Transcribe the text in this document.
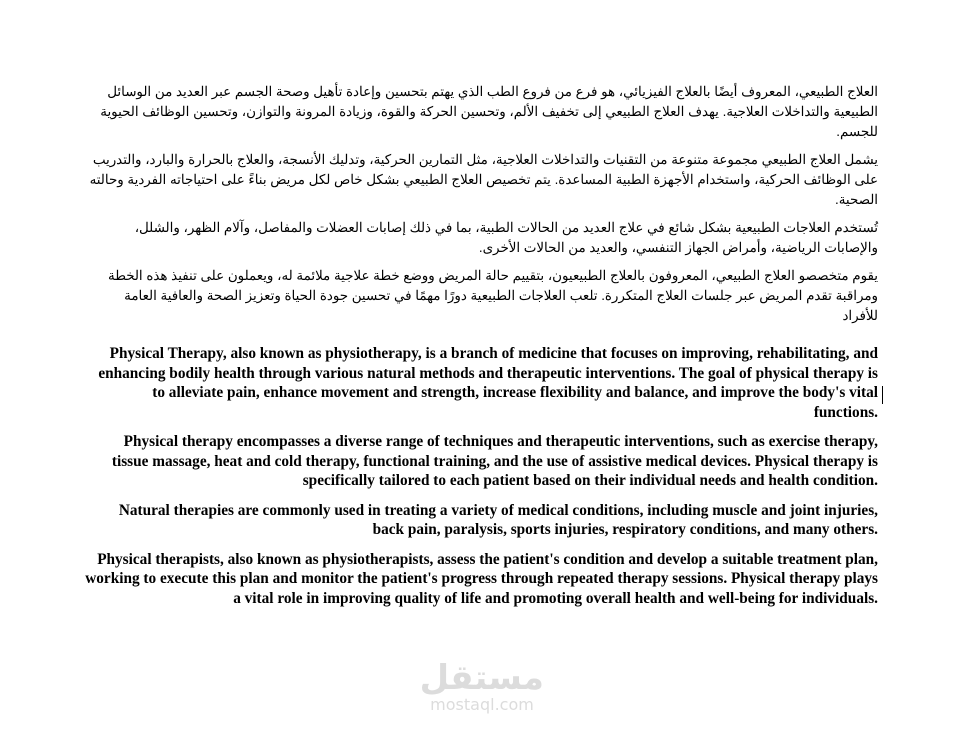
العلاج الطبيعي، المعروف أيضًا بالعلاج الفيزيائي، هو فرع من فروع الطب الذي يهتم بتحسين وإعادة تأهيل وصحة الجسم عبر العديد من الوسائل الطبيعية والتداخلات العلاجية. يهدف العلاج الطبيعي إلى تخفيف الألم، وتحسين الحركة والقوة، وزيادة المرونة والتوازن، وتحسين الوظائف الحيوية للجسم.

يشمل العلاج الطبيعي مجموعة متنوعة من التقنيات والتداخلات العلاجية، مثل التمارين الحركية، وتدليك الأنسجة، والعلاج بالحرارة والبارد، والتدريب على الوظائف الحركية، واستخدام الأجهزة الطبية المساعدة. يتم تخصيص العلاج الطبيعي بشكل خاص لكل مريض بناءً على احتياجاته الفردية وحالته الصحية.

تُستخدم العلاجات الطبيعية بشكل شائع في علاج العديد من الحالات الطبية، بما في ذلك إصابات العضلات والمفاصل، وآلام الظهر، والشلل، والإصابات الرياضية، وأمراض الجهاز التنفسي، والعديد من الحالات الأخرى.

يقوم متخصصو العلاج الطبيعي، المعروفون بالعلاج الطبيعيون، بتقييم حالة المريض ووضع خطة علاجية ملائمة له، ويعملون على تنفيذ هذه الخطة ومراقبة تقدم المريض عبر جلسات العلاج المتكررة. تلعب العلاجات الطبيعية دورًا مهمًا في تحسين جودة الحياة وتعزيز الصحة والعافية العامة للأفراد

Physical Therapy, also known as physiotherapy, is a branch of medicine that focuses on improving, rehabilitating, and enhancing bodily health through various natural methods and therapeutic interventions. The goal of physical therapy is to alleviate pain, enhance movement and strength, increase flexibility and balance, and improve the body's vital functions.

Physical therapy encompasses a diverse range of techniques and therapeutic interventions, such as exercise therapy, tissue massage, heat and cold therapy, functional training, and the use of assistive medical devices. Physical therapy is specifically tailored to each patient based on their individual needs and health condition.

Natural therapies are commonly used in treating a variety of medical conditions, including muscle and joint injuries, back pain, paralysis, sports injuries, respiratory conditions, and many others.

Physical therapists, also known as physiotherapists, assess the patient's condition and develop a suitable treatment plan, working to execute this plan and monitor the patient's progress through repeated therapy sessions. Physical therapy plays a vital role in improving quality of life and promoting overall health and well-being for individuals.

مستقل
mostaql.com
